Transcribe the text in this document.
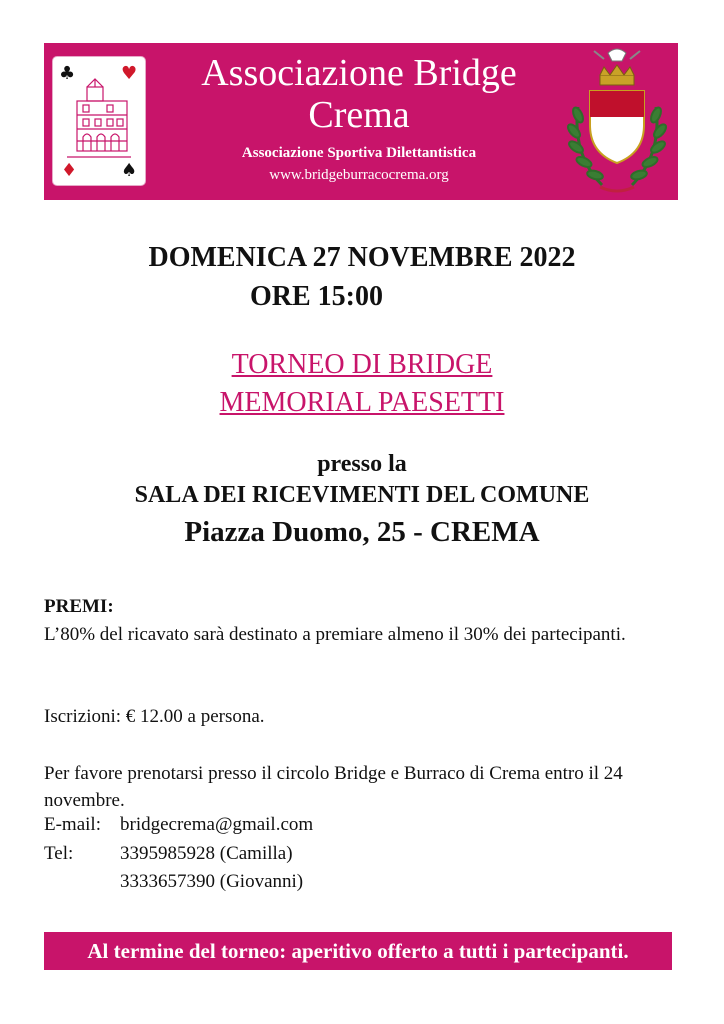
♣	♥
♦ ♠
Associazione Bridge
Crema
Associazione Sportiva Dilettantistica
www.bridgeburracocrema.org
DOMENICA 27 NOVEMBRE 2022
ORE 15:00
TORNEO DI BRIDGE
MEMORIAL PAESETTI
presso la
SALA DEI RICEVIMENTI DEL COMUNE
Piazza Duomo, 25 - CREMA
PREMI:
L’80% del ricavato sarà destinato a premiare almeno il 30% dei partecipanti.
Iscrizioni: € 12.00 a persona.
Per favore prenotarsi presso il circolo Bridge e Burraco di Crema entro il 24 novembre.
E-mail: bridgecrema@gmail.com
Tel: 3395985928 (Camilla)
3333657390 (Giovanni)
Al termine del torneo: aperitivo offerto a tutti i partecipanti.
